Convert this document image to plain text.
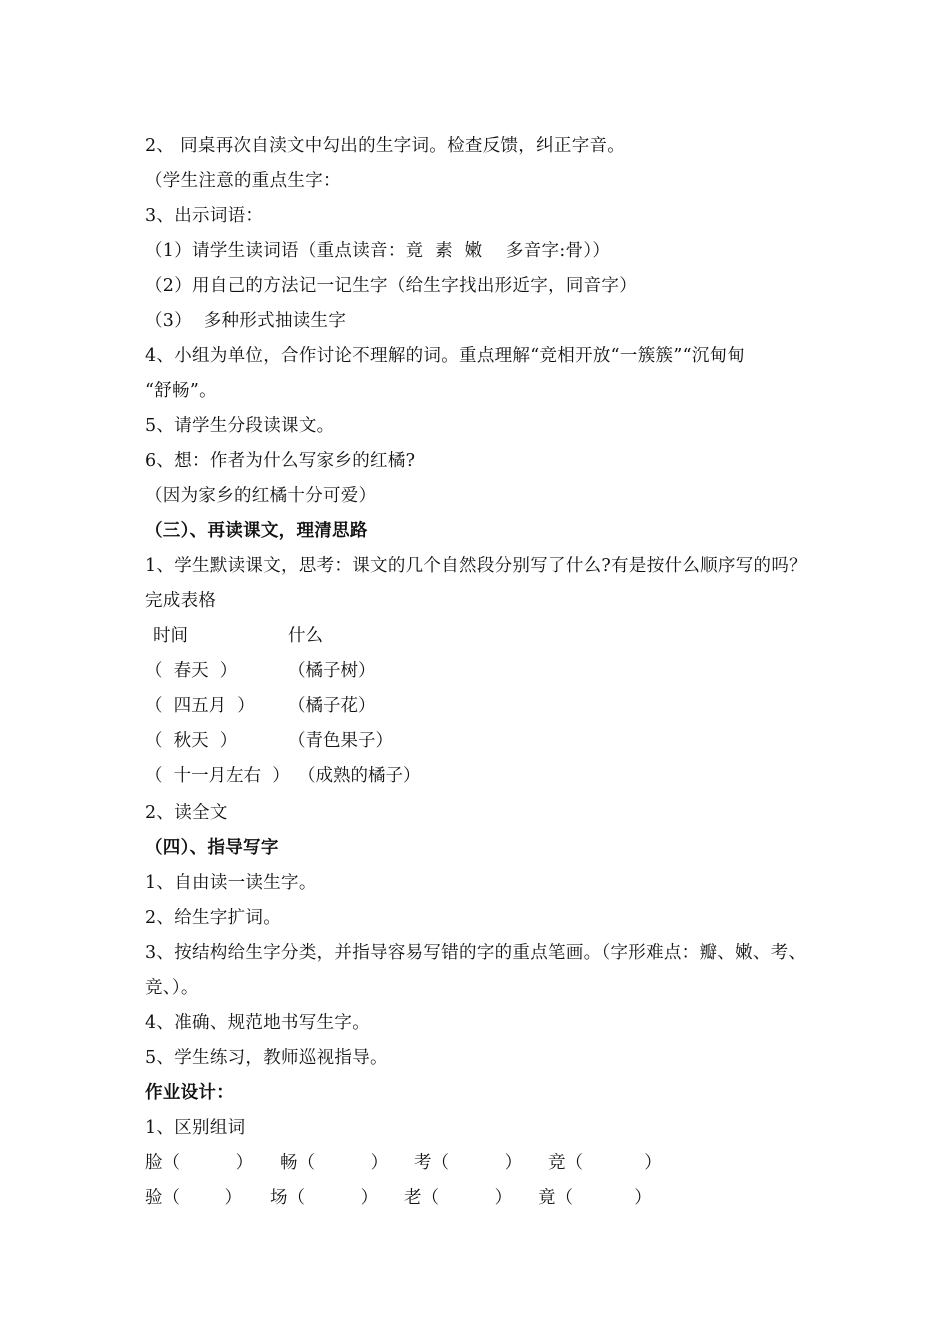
2、 同桌再次自渎文中勾出的生字词。检查反馈，纠正字音。
（学生注意的重点生字：
3、出示词语：
（1）请学生读词语（重点读音：竟  素  嫩    多音字:骨））
（2）用自己的方法记一记生字（给生字找出形近字，同音字）
（3）  多种形式抽读生字
4、小组为单位，合作讨论不理解的词。重点理解“竞相开放“一簇簇”“沉甸甸
“舒畅”。
5、请学生分段读课文。
6、想：作者为什么写家乡的红橘?
（因为家乡的红橘十分可爱）
（三）、再读课文，理清思路
1、学生默读课文，思考：课文的几个自然段分别写了什么?有是按什么顺序写的吗？
完成表格
时间	什么
（  春天  ）	（橘子树）
（  四五月  ） （橘子花）
（  秋天  ）	（青色果子）
（  十一月左右  ） （成熟的橘子）
2、读全文
（四）、指导写字
1、自由读一读生字。
2、给生字扩词。
3、按结构给生字分类，并指导容易写错的字的重点笔画。（字形难点：瓣、嫩、考、
竞、）。
4、准确、规范地书写生字。
5、学生练习，教师巡视指导。
作业设计：
1、区别组词
脸（          ） 畅（          ） 考（          ） 竞（           ）
验（        ） 场（          ） 老（          ） 竟（           ）
